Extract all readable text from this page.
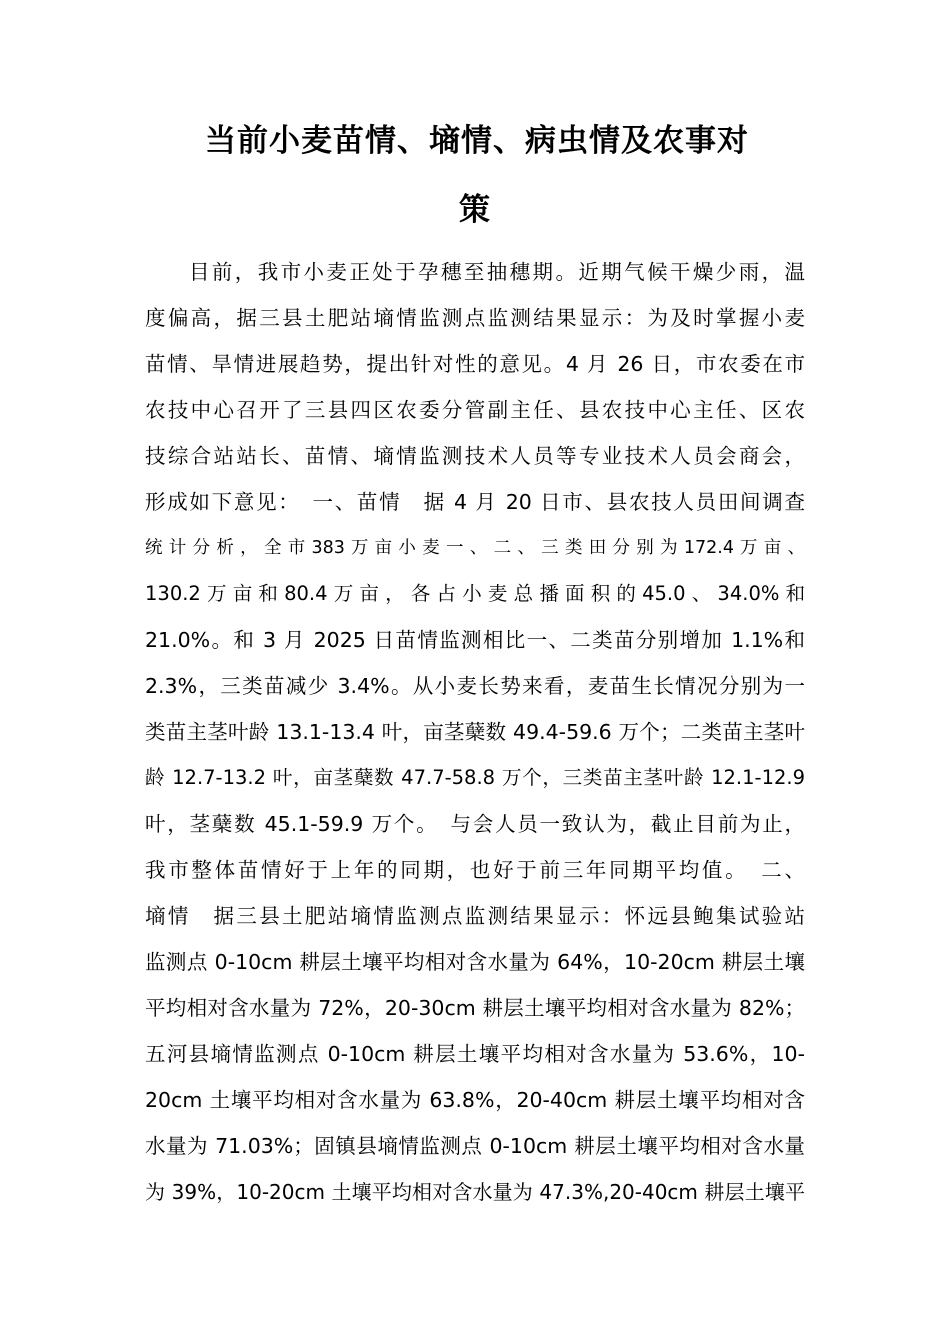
当前小麦苗情、墒情、病虫情及农事对
策
目前，我市小麦正处于孕穗至抽穗期。近期气候干燥少雨，温
度偏高，据三县土肥站墒情监测点监测结果显示：为及时掌握小麦
苗情、旱情进展趋势，提出针对性的意见。4 月 26 日，市农委在市
农技中心召开了三县四区农委分管副主任、县农技中心主任、区农
技综合站站长、苗情、墒情监测技术人员等专业技术人员会商会，
形成如下意见：　一、苗情　据 4 月 20 日市、县农技人员田间调查
统 计 分 析 ， 全 市 383 万 亩 小 麦 一 、 二 、 三 类 田 分 别 为 172.4 万 亩 、
130.2 万 亩 和 80.4 万 亩 ， 各 占 小 麦 总 播 面 积 的 45.0 、 34.0% 和
21.0%。和 3 月 2025 日苗情监测相比一、二类苗分别增加 1.1%和
2.3%，三类苗减少 3.4%。从小麦长势来看，麦苗生长情况分别为一
类苗主茎叶龄 13.1-13.4 叶，亩茎蘖数 49.4-59.6 万个；二类苗主茎叶
龄 12.7-13.2 叶，亩茎蘖数 47.7-58.8 万个，三类苗主茎叶龄 12.1-12.9
叶，茎蘖数 45.1-59.9 万个。　与会人员一致认为，截止目前为止，
我市整体苗情好于上年的同期，也好于前三年同期平均值。　二、
墒情　据三县土肥站墒情监测点监测结果显示：怀远县鲍集试验站
监测点 0-10cm 耕层土壤平均相对含水量为 64%，10-20cm 耕层土壤
平均相对含水量为 72%，20-30cm 耕层土壤平均相对含水量为 82%；
五河县墒情监测点 0-10cm 耕层土壤平均相对含水量为 53.6%，10-
20cm 土壤平均相对含水量为 63.8%，20-40cm 耕层土壤平均相对含
水量为 71.03%；固镇县墒情监测点 0-10cm 耕层土壤平均相对含水量
为 39%，10-20cm 土壤平均相对含水量为 47.3%,20-40cm 耕层土壤平
